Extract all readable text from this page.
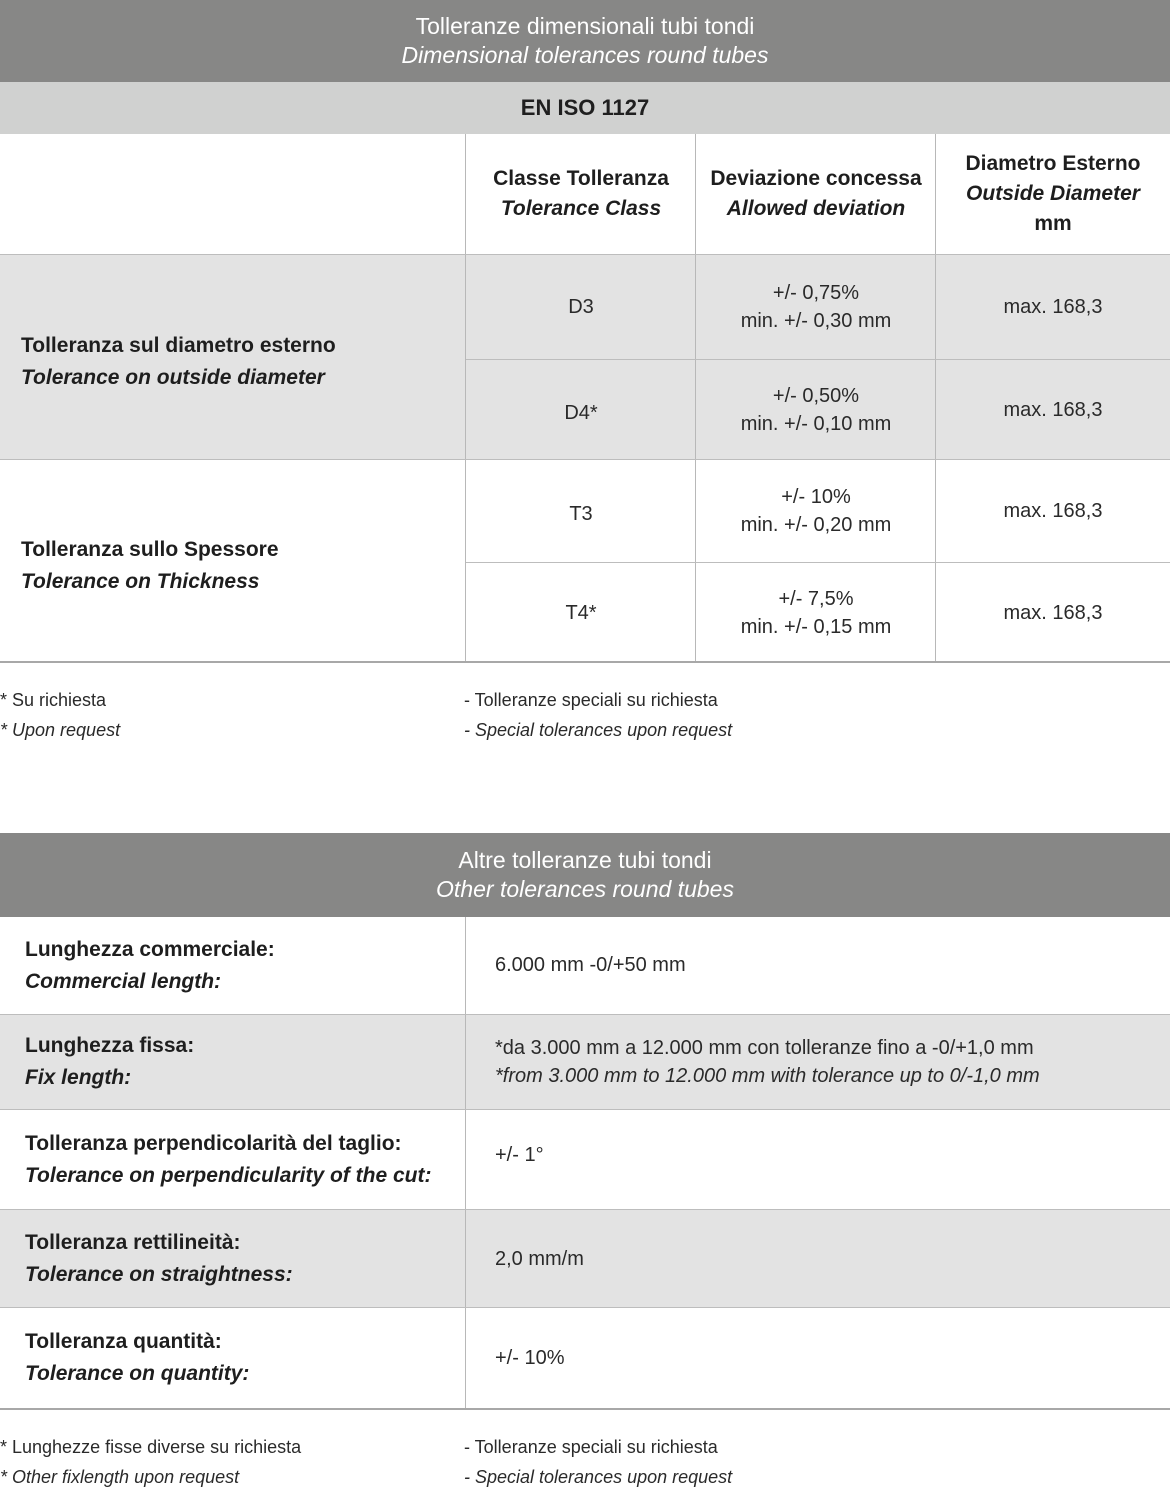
Tolleranze dimensionali tubi tondi
Dimensional tolerances round tubes
EN ISO 1127
Classe Tolleranza
Tolerance Class
Deviazione concessa
Allowed deviation
Diametro Esterno
Outside Diameter
mm
Tolleranza sul diametro esterno
Tolerance on outside diameter
D3
+/- 0,75%
min. +/- 0,30 mm
max. 168,3
D4*
+/- 0,50%
min. +/- 0,10 mm
max. 168,3
Tolleranza sullo Spessore
Tolerance on Thickness
T3
+/- 10%
min. +/- 0,20 mm
max. 168,3
T4*
+/- 7,5%
min. +/- 0,15 mm
max. 168,3
* Su richiesta
* Upon request
- Tolleranze speciali su richiesta
- Special tolerances upon request
Altre tolleranze tubi tondi
Other tolerances round tubes
Lunghezza commerciale:
Commercial length:
6.000 mm -0/+50 mm
Lunghezza fissa:
Fix length:
*da 3.000 mm a 12.000 mm con tolleranze fino a -0/+1,0 mm
*from 3.000 mm to 12.000 mm with tolerance up to 0/-1,0 mm
Tolleranza perpendicolarità del taglio:
Tolerance on perpendicularity of the cut:
+/- 1°
Tolleranza rettilineità:
Tolerance on straightness:
2,0 mm/m
Tolleranza quantità:
Tolerance on quantity:
+/- 10%
* Lunghezze fisse diverse su richiesta
* Other fixlength upon request
- Tolleranze speciali su richiesta
- Special tolerances upon request
